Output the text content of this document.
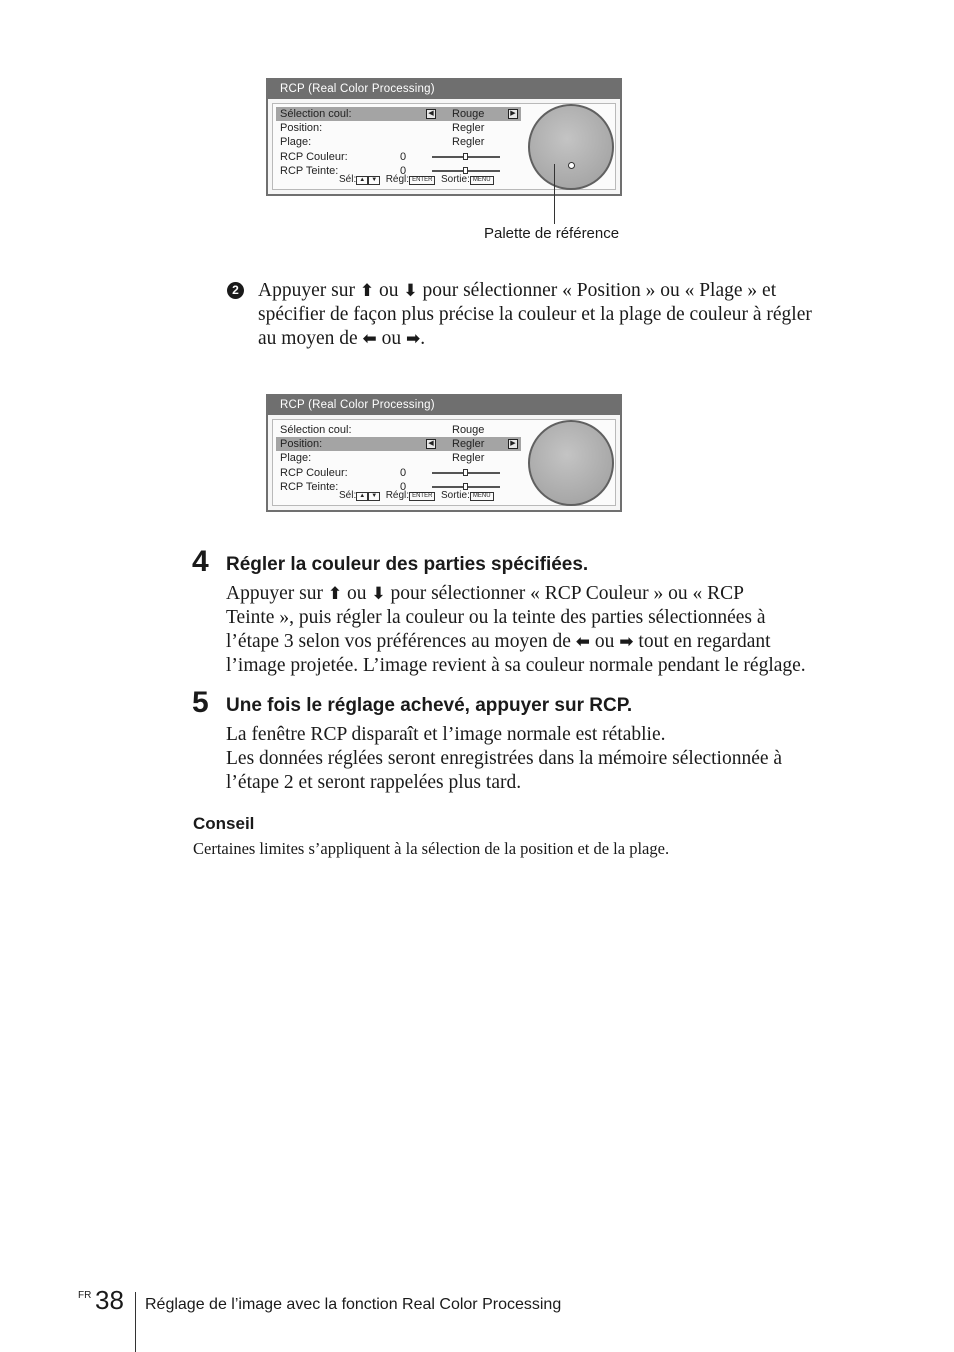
RCP (Real Color Processing)
Sélection coul:	◀ Rouge	▶
Position:	Regler
Plage:	Regler
RCP Couleur:	0
RCP Teinte:	0
Sél: ▲ ▼ Régl: ENTER Sortie: MENU
Palette de référence
2 Appuyer sur ⬆ ou ⬇ pour sélectionner « Position » ou « Plage » et
spécifier de façon plus précise la couleur et la plage de couleur à régler
au moyen de ⬅ ou ➡.
RCP (Real Color Processing)
Sélection coul:	Rouge
Position:	◀ Regler	▶
Plage:	Regler
RCP Couleur:	0
RCP Teinte:	0
Sél: ▲ ▼ Régl: ENTER Sortie: MENU
4 Régler la couleur des parties spécifiées.
Appuyer sur ⬆ ou ⬇ pour sélectionner « RCP Couleur » ou « RCP
Teinte », puis régler la couleur ou la teinte des parties sélectionnées à
l’étape 3 selon vos préférences au moyen de ⬅ ou ➡ tout en regardant
l’image projetée. L’image revient à sa couleur normale pendant le réglage.
5 Une fois le réglage achevé, appuyer sur RCP.
La fenêtre RCP disparaît et l’image normale est rétablie.
Les données réglées seront enregistrées dans la mémoire sélectionnée à
l’étape 2 et seront rappelées plus tard.
Conseil
Certaines limites s’appliquent à la sélection de la position et de la plage.
FR 38 Réglage de l’image avec la fonction Real Color Processing
